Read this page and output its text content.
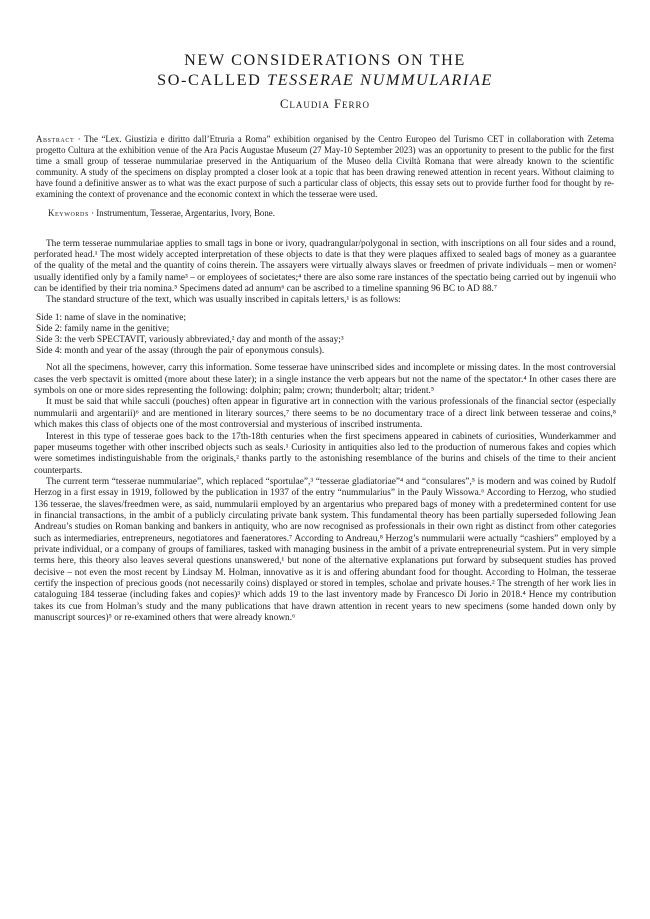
NEW CONSIDERATIONS ON THE
SO-CALLED TESSERAE NUMMULARIAE
Claudia Ferro
Abstract · The “Lex. Giustizia e diritto dall’Etruria a Roma” exhibition organised by the Centro Europeo del Turismo CET in collaboration with Zetema progetto Cultura at the exhibition venue of the Ara Pacis Augustae Museum (27 May-10 September 2023) was an opportunity to present to the public for the first time a small group of tesserae nummulariae preserved in the Antiquarium of the Museo della Civiltà Romana that were already known to the scientific community. A study of the specimens on display prompted a closer look at a topic that has been drawing renewed attention in recent years. Without claiming to have found a definitive answer as to what was the exact purpose of such a particular class of objects, this essay sets out to provide further food for thought by re-examining the context of provenance and the economic context in which the tesserae were used.
Keywords · Instrumentum, Tesserae, Argentarius, Ivory, Bone.

The term tesserae nummulariae applies to small tags in bone or ivory, quadrangular/polygonal in section, with inscriptions on all four sides and a round, perforated head.¹ The most widely accepted interpretation of these objects to date is that they were plaques affixed to sealed bags of money as a guarantee of the quality of the metal and the quantity of coins therein. The assayers were virtually always slaves or freedmen of private individuals – men or women² usually identified only by a family name³ – or employees of societates;⁴ there are also some rare instances of the spectatio being carried out by ingenuii who can be identified by their tria nomina.⁵ Specimens dated ad annum⁶ can be ascribed to a timeline spanning 96 BC to AD 88.⁷

The standard structure of the text, which was usually inscribed in capitals letters,¹ is as follows:

Side 1: name of slave in the nominative;
Side 2: family name in the genitive;
Side 3: the verb SPECTAVIT, variously abbreviated,² day and month of the assay;³
Side 4: month and year of the assay (through the pair of eponymous consuls).

Not all the specimens, however, carry this information. Some tesserae have uninscribed sides and incomplete or missing dates. In the most controversial cases the verb spectavit is omitted (more about these later); in a single instance the verb appears but not the name of the spectator.⁴ In other cases there are symbols on one or more sides representing the following: dolphin; palm; crown; thunderbolt; altar; trident.⁵

It must be said that while sacculi (pouches) often appear in figurative art in connection with the various professionals of the financial sector (especially nummularii and argentarii)⁶ and are mentioned in literary sources,⁷ there seems to be no documentary trace of a direct link between tesserae and coins,⁸ which makes this class of objects one of the most controversial and mysterious of inscribed instrumenta.

Interest in this type of tesserae goes back to the 17th-18th centuries when the first specimens appeared in cabinets of curiosities, Wunderkammer and paper museums together with other inscribed objects such as seals.¹ Curiosity in antiquities also led to the production of numerous fakes and copies which were sometimes indistinguishable from the originals,² thanks partly to the astonishing resemblance of the burins and chisels of the time to their ancient counterparts.

The current term “tesserae nummulariae”, which replaced “sportulae”,³ “tesserae gladiatoriae”⁴ and “consulares”,⁵ is modern and was coined by Rudolf Herzog in a first essay in 1919, followed by the publication in 1937 of the entry “nummularius” in the Pauly Wissowa.⁶ According to Herzog, who studied 136 tesserae, the slaves/freedmen were, as said, nummularii employed by an argentarius who prepared bags of money with a predetermined content for use in financial transactions, in the ambit of a publicly circulating private bank system. This fundamental theory has been partially superseded following Jean Andreau’s studies on Roman banking and bankers in antiquity, who are now recognised as professionals in their own right as distinct from other categories such as intermediaries, entrepreneurs, negotiatores and faeneratores.⁷ According to Andreau,⁸ Herzog’s nummularii were actually “cashiers” employed by a private individual, or a company of groups of familiares, tasked with managing business in the ambit of a private entrepreneurial system. Put in very simple terms here, this theory also leaves several questions unanswered,¹ but none of the alternative explanations put forward by subsequent studies has proved decisive – not even the most recent by Lindsay M. Holman, innovative as it is and offering abundant food for thought. According to Holman, the tesserae certify the inspection of precious goods (not necessarily coins) displayed or stored in temples, scholae and private houses.² The strength of her work lies in cataloguing 184 tesserae (including fakes and copies)³ which adds 19 to the last inventory made by Francesco Di Jorio in 2018.⁴ Hence my contribution takes its cue from Holman’s study and the many publications that have drawn attention in recent years to new specimens (some handed down only by manuscript sources)⁵ or re-examined others that were already known.⁶
